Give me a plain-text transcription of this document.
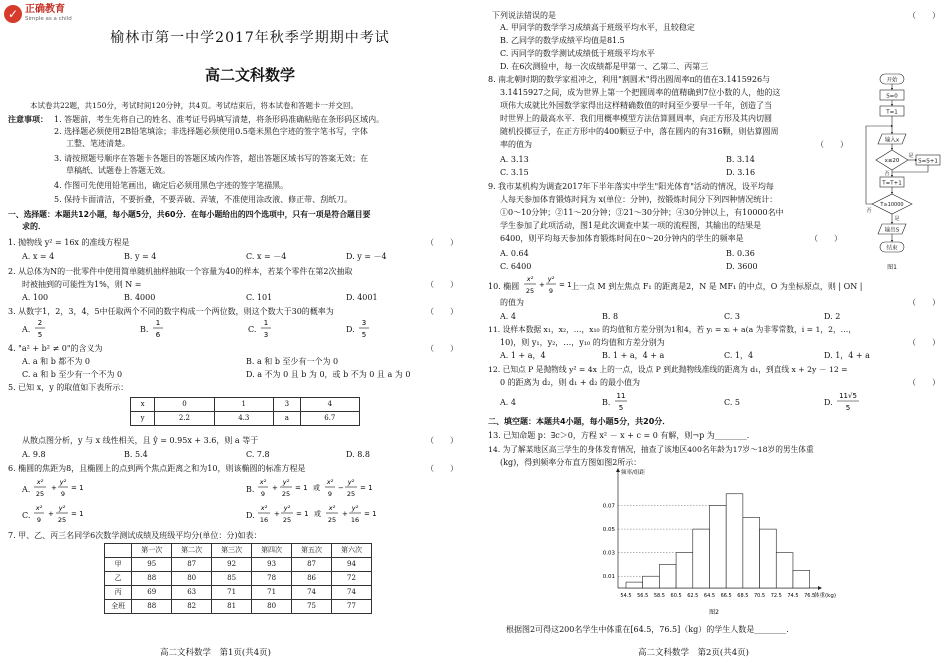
✓ 正确教育
Simple as a child
榆林市第一中学2017年秋季学期期中考试
高二文科数学
本试卷共22题，共150分，考试时间120分钟，共4页。考试结束后，将本试卷和答题卡一并交回。
注意事项： 1. 答题前，考生先将自己的姓名、准考证号码填写清楚，将条形码准确粘贴在条形码区域内。
2. 选择题必须使用2B铅笔填涂；非选择题必须使用0.5毫米黑色字迹的签字笔书写，字体
工整、笔迹清楚。
3. 请按照题号顺序在答题卡各题目的答题区域内作答，超出答题区域书写的答案无效；在
草稿纸、试题卷上答题无效。
4. 作图可先使用铅笔画出，确定后必须用黑色字迹的签字笔描黑。
5. 保持卡面清洁，不要折叠，不要弄破、弄皱，不准使用涂改液、修正带、刮纸刀。
一、选择题：本题共12小题，每小题5分，共60分．在每小题给出的四个选项中，只有一项是符合题目要
求的．
1. 抛物线 y² = 16x 的准线方程是	（　　）
A. x = 4	B. y = 4	C. x = －4	D. y = －4
2. 从总体为N的一批零件中使用简单随机抽样抽取一个容量为40的样本，若某个零件在第2次抽取
时被抽到的可能性为1%，则 N =	（　　）
A. 100	B. 4000	C. 101	D. 4001
3. 从数字1，2，3，4，5中任取两个不同的数字构成一个两位数，则这个数大于30的概率为	（　　）
A.
2
5
B.
1
6
C.
1
3
D.
3
5
4. "a² + b² ≠ 0"的含义为	（　　）
A. a 和 b 都不为 0	B. a 和 b 至少有一个为 0
C. a 和 b 至少有一个不为 0	D. a 不为 0 且 b 为 0，或 b 不为 0 且 a 为 0
5. 已知 x，y 的取值如下表所示：
x	0	1	3	4
y	2.2	4.3	a	6.7
从散点图分析，y 与 x 线性相关，且 ŷ = 0.95x + 3.6，则 a 等于	（　　）
A. 9.8	B. 5.4	C. 7.8	D. 8.8
6. 椭圆的焦距为8，且椭圆上的点到两个焦点距离之和为10，则该椭圆的标准方程是	（　　）
A.
x²
25
+
y²
9
= 1	B.
x²
9
+
y²
25
= 1 或
x²
9
−
y²
25
= 1
C.
x²
9
+
y²
25
= 1	D.
x²
16
+
y²
25
= 1 或
x²
25
+
y²
16
= 1
7. 甲、乙、丙三名同学6次数学测试成绩及班级平均分(单位：分)如表：
	第一次	第二次	第三次	第四次	第五次	第六次
甲	95	87	92	93	87	94
乙	88	80	85	78	86	72
丙	69	63	71	71	74	74
全班	88	82	81	80	75	77
高二文科数学　第1页(共4页)
下列说法错误的是	（　　）
A. 甲同学的数学学习成绩高于班级平均水平，且较稳定
B. 乙同学的数学成绩平均值是81.5
C. 丙同学的数学测试成绩低于班级平均水平
D. 在6次测验中，每一次成绩都是甲第一、乙第二、丙第三
8. 南北朝时期的数学家祖冲之，利用"割圆术"得出圆周率π的值在3.1415926与
3.1415927之间，成为世界上第一个把圆周率的值精确到7位小数的人，他的这
项伟大成就比外国数学家得出这样精确数值的时间至少要早一千年，创造了当
时世界上的最高水平．我们用概率模型方法估算圆周率，向正方形及其内切圆
随机投掷豆子，在正方形中的400颗豆子中，落在圆内的有316颗，则估算圆周
率的值为	（　　）
A. 3.13	B. 3.14
C. 3.15	D. 3.16
9. 我市某机构为调查2017年下半年落实中学生"阳光体育"活动的情况，设平均每
人每天参加体育锻炼时间为 x(单位：分钟)，按锻炼时间分下列四种情况统计：
①0～10分钟；②11～20分钟；③21～30分钟；④30分钟以上，有10000名中
学生参加了此项活动，图1是此次调查中某一项的流程图，其输出的结果是
6400，则平均每天参加体育锻炼时间在0～20分钟内的学生的频率是	（　　）
A. 0.64	B. 0.36
C. 6400	D. 3600
开始
S=0
T=1
输入x
x≤20
是
S=S+1
否
T=T+1
T≥10000
否
是
输出S
结束
图1
10. 椭圆
x²
25
+
y²
9
= 1 上一点 M 到左焦点 F₁ 的距离是2，N 是 MF₁ 的中点，O 为坐标原点，则 | ON |
的值为	（　　）
A. 4	B. 8	C. 3	D. 2
11. 设样本数据 x₁，x₂，…，x₁₀ 的均值和方差分别为1和4，若 yᵢ = xᵢ + a(a 为非零常数，i = 1，2，…，
10)，则 y₁，y₂，…，y₁₀ 的均值和方差分别为	（　　）
A. 1 + a，4	B. 1 + a，4 + a	C. 1，4	D. 1，4 + a
12. 已知点 P 是抛物线 y² = 4x 上的一点，设点 P 到此抛物线准线的距离为 d₁，到直线 x + 2y － 12 =
0 的距离为 d₂，则 d₁ + d₂ 的最小值为	（　　）
A. 4	B.
11
5
C. 5	D.
11√5
5
二、填空题：本题共4小题，每小题5分，共20分．
13. 已知命题 p：∃c＞0，方程 x² － x + c = 0 有解，则¬p 为________．
14. 为了解某地区高三学生的身体发育情况，抽查了该地区400名年龄为17岁～18岁的男生体重
(kg)，得到频率分布直方图如图2所示：
频率/组距
0.01
0.03
0.05
0.07
54.5 56.5 58.5 60.5 62.5 64.5 66.5 68.5 70.5 72.5 74.5 76.5
体重(kg)
图2
根据图2可得这200名学生中体重在[64.5，76.5]（kg）的学生人数是________．
高二文科数学　第2页(共4页)
